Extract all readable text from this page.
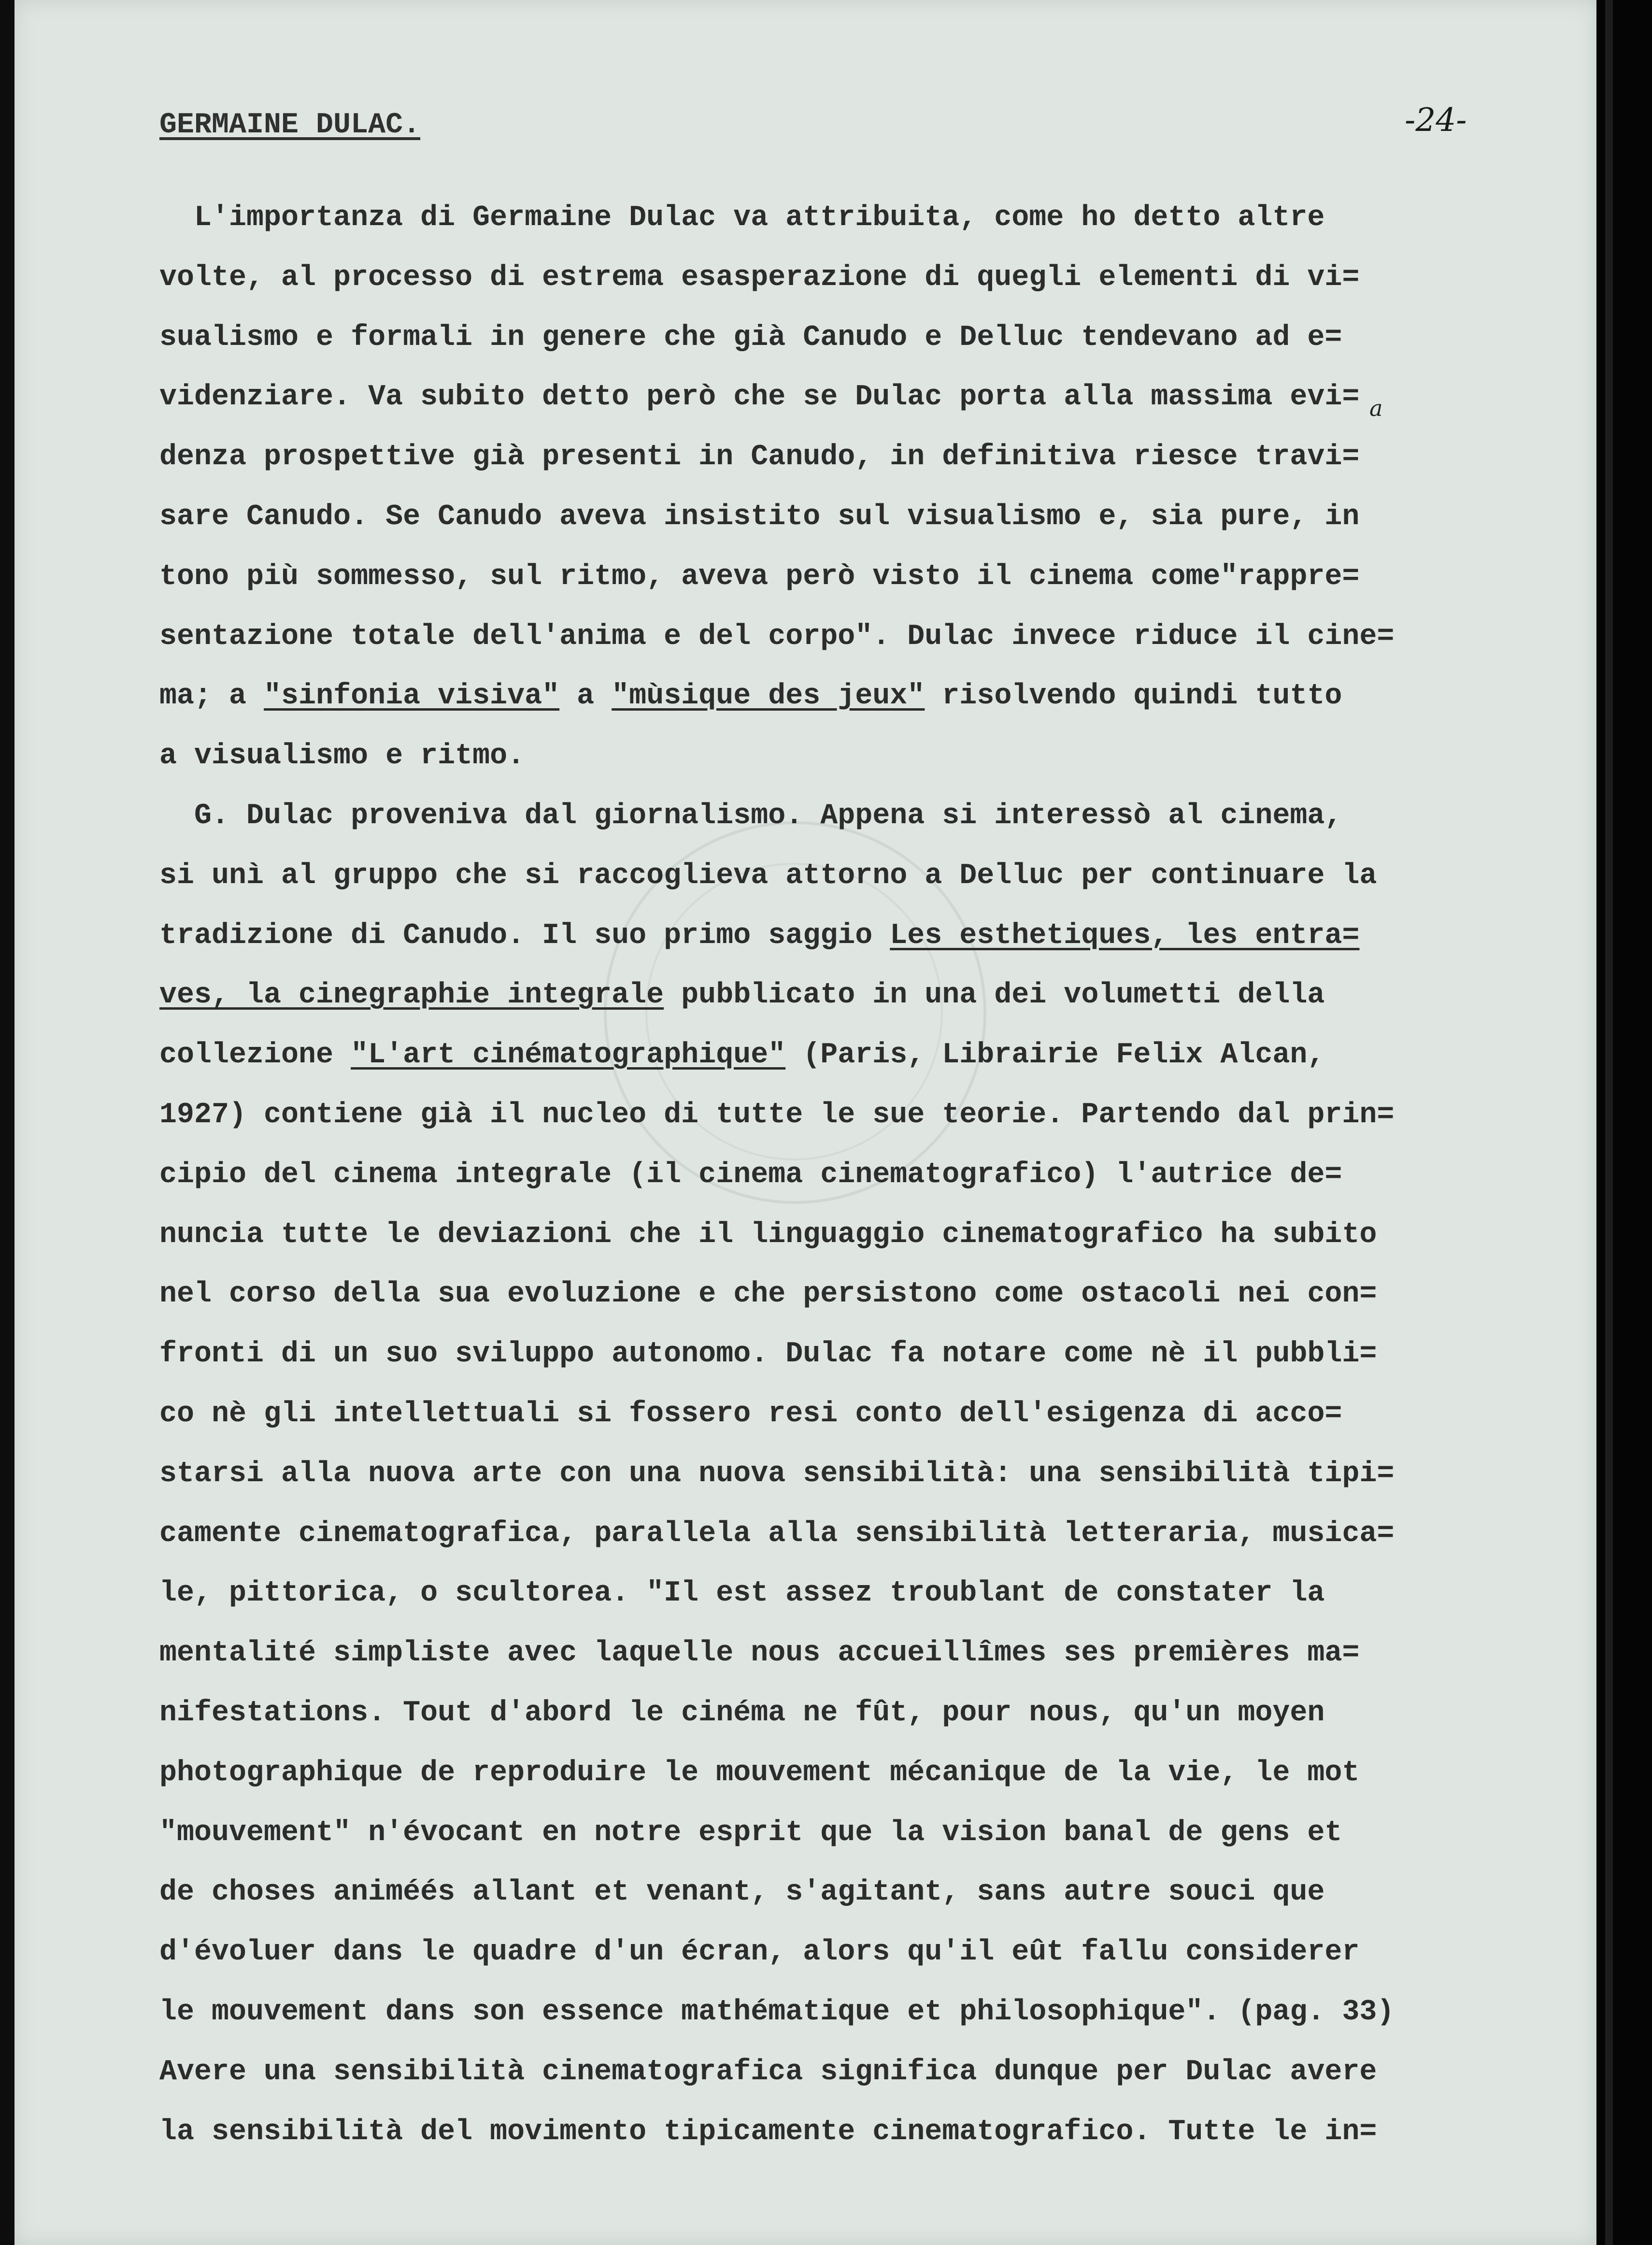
GERMAINE DULAC.	-24-
a
L'importanza di Germaine Dulac va attribuita, come ho detto altre
volte, al processo di estrema esasperazione di quegli elementi di vi=
sualismo e formali in genere che già Canudo e Delluc tendevano ad e=
videnziare. Va subito detto però che se Dulac porta alla massima evi=
denza prospettive già presenti in Canudo, in definitiva riesce travi=
sare Canudo. Se Canudo aveva insistito sul visualismo e, sia pure, in
tono più sommesso, sul ritmo, aveva però visto il cinema come"rappre=
sentazione totale dell'anima e del corpo". Dulac invece riduce il cine=
ma; a "sinfonia visiva" a "mùsique des jeux" risolvendo quindi tutto
a visualismo e ritmo.
G. Dulac proveniva dal giornalismo. Appena si interessò al cinema,
si unì al gruppo che si raccoglieva attorno a Delluc per continuare la
tradizione di Canudo. Il suo primo saggio Les esthetiques, les entra=
ves, la cinegraphie integrale pubblicato in una dei volumetti della
collezione "L'art cinématographique" (Paris, Librairie Felix Alcan,
1927) contiene già il nucleo di tutte le sue teorie. Partendo dal prin=
cipio del cinema integrale (il cinema cinematografico) l'autrice de=
nuncia tutte le deviazioni che il linguaggio cinematografico ha subito
nel corso della sua evoluzione e che persistono come ostacoli nei con=
fronti di un suo sviluppo autonomo. Dulac fa notare come nè il pubbli=
co nè gli intellettuali si fossero resi conto dell'esigenza di acco=
starsi alla nuova arte con una nuova sensibilità: una sensibilità tipi=
camente cinematografica, parallela alla sensibilità letteraria, musica=
le, pittorica, o scultorea. "Il est assez troublant de constater la
mentalité simpliste avec laquelle nous accueillîmes ses premières ma=
nifestations. Tout d'abord le cinéma ne fût, pour nous, qu'un moyen
photographique de reproduire le mouvement mécanique de la vie, le mot
"mouvement" n'évocant en notre esprit que la vision banal de gens et
de choses animéés allant et venant, s'agitant, sans autre souci que
d'évoluer dans le quadre d'un écran, alors qu'il eût fallu considerer
le mouvement dans son essence mathématique et philosophique". (pag. 33)
Avere una sensibilità cinematografica significa dunque per Dulac avere
la sensibilità del movimento tipicamente cinematografico. Tutte le in=
